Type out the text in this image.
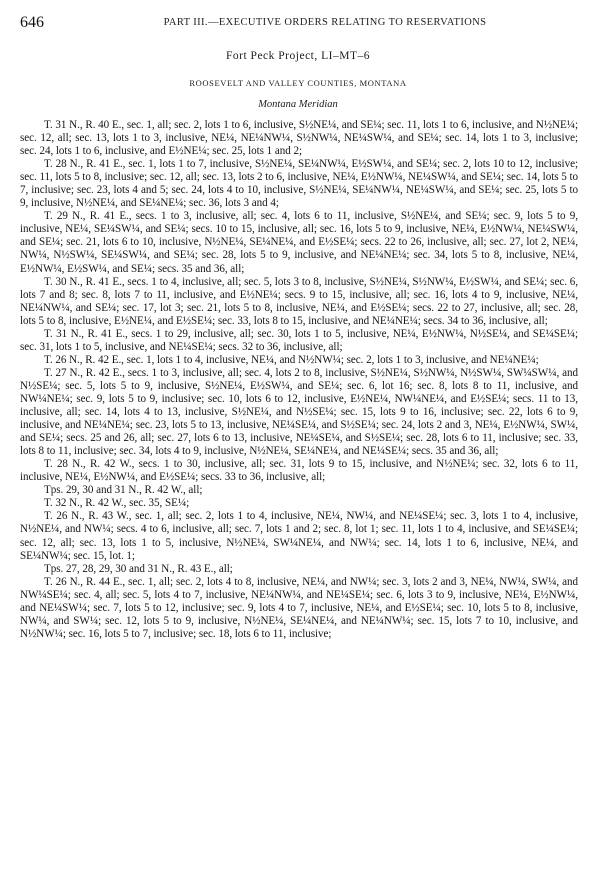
646	PART III.—EXECUTIVE ORDERS RELATING TO RESERVATIONS
Fort Peck Project, LI–MT–6
ROOSEVELT AND VALLEY COUNTIES, MONTANA
Montana Meridian

T. 31 N., R. 40 E., sec. 1, all; sec. 2, lots 1 to 6, inclusive, S½NE¼, and SE¼; sec. 11, lots 1 to 6, inclusive, and N½NE¼; sec. 12, all; sec. 13, lots 1 to 3, inclusive, NE¼, NE¼NW¼, S½NW¼, NE¼SW¼, and SE¼; sec. 14, lots 1 to 3, inclusive; sec. 24, lots 1 to 6, inclusive, and E½NE¼; sec. 25, lots 1 and 2;

T. 28 N., R. 41 E., sec. 1, lots 1 to 7, inclusive, S½NE¼, SE¼NW¼, E½SW¼, and SE¼; sec. 2, lots 10 to 12, inclusive; sec. 11, lots 5 to 8, inclusive; sec. 12, all; sec. 13, lots 2 to 6, inclusive, NE¼, E½NW¼, NE¼SW¼, and SE¼; sec. 14, lots 5 to 7, inclusive; sec. 23, lots 4 and 5; sec. 24, lots 4 to 10, inclusive, S½NE¼, SE¼NW¼, NE¼SW¼, and SE¼; sec. 25, lots 5 to 9, inclusive, N½NE¼, and SE¼NE¼; sec. 36, lots 3 and 4;

T. 29 N., R. 41 E., secs. 1 to 3, inclusive, all; sec. 4, lots 6 to 11, inclusive, S½NE¼, and SE¼; sec. 9, lots 5 to 9, inclusive, NE¼, SE¼SW¼, and SE¼; secs. 10 to 15, inclusive, all; sec. 16, lots 5 to 9, inclusive, NE¼, E½NW¼, NE¼SW¼, and SE¼; sec. 21, lots 6 to 10, inclusive, N½NE¼, SE¼NE¼, and E½SE¼; secs. 22 to 26, inclusive, all; sec. 27, lot 2, NE¼, NW¼, N½SW¼, SE¼SW¼, and SE¼; sec. 28, lots 5 to 9, inclusive, and NE¼NE¼; sec. 34, lots 5 to 8, inclusive, NE¼, E½NW¼, E½SW¼, and SE¼; secs. 35 and 36, all;

T. 30 N., R. 41 E., secs. 1 to 4, inclusive, all; sec. 5, lots 3 to 8, inclusive, S½NE¼, S½NW¼, E½SW¼, and SE¼; sec. 6, lots 7 and 8; sec. 8, lots 7 to 11, inclusive, and E½NE¼; secs. 9 to 15, inclusive, all; sec. 16, lots 4 to 9, inclusive, NE¼, NE¼NW¼, and SE¼; sec. 17, lot 3; sec. 21, lots 5 to 8, inclusive, NE¼, and E½SE¼; secs. 22 to 27, inclusive, all; sec. 28, lots 5 to 8, inclusive, E½NE¼, and E½SE¼; sec. 33, lots 8 to 15, inclusive, and NE¼NE¼; secs. 34 to 36, inclusive, all;

T. 31 N., R. 41 E., secs. 1 to 29, inclusive, all; sec. 30, lots 1 to 5, inclusive, NE¼, E½NW¼, N½SE¼, and SE¼SE¼; sec. 31, lots 1 to 5, inclusive, and NE¼SE¼; secs. 32 to 36, inclusive, all;

T. 26 N., R. 42 E., sec. 1, lots 1 to 4, inclusive, NE¼, and N½NW¼; sec. 2, lots 1 to 3, inclusive, and NE¼NE¼;

T. 27 N., R. 42 E., secs. 1 to 3, inclusive, all; sec. 4, lots 2 to 8, inclusive, S½NE¼, S½NW¼, N½SW¼, SW¼SW¼, and N½SE¼; sec. 5, lots 5 to 9, inclusive, S½NE¼, E½SW¼, and SE¼; sec. 6, lot 16; sec. 8, lots 8 to 11, inclusive, and NW¼NE¼; sec. 9, lots 5 to 9, inclusive; sec. 10, lots 6 to 12, inclusive, E½NE¼, NW¼NE¼, and E½SE¼; secs. 11 to 13, inclusive, all; sec. 14, lots 4 to 13, inclusive, S½NE¼, and N½SE¼; sec. 15, lots 9 to 16, inclusive; sec. 22, lots 6 to 9, inclusive, and NE¼NE¼; sec. 23, lots 5 to 13, inclusive, NE¼SE¼, and S½SE¼; sec. 24, lots 2 and 3, NE¼, E½NW¼, SW¼, and SE¼; secs. 25 and 26, all; sec. 27, lots 6 to 13, inclusive, NE¼SE¼, and S½SE¼; sec. 28, lots 6 to 11, inclusive; sec. 33, lots 8 to 11, inclusive; sec. 34, lots 4 to 9, inclusive, N½NE¼, SE¼NE¼, and NE¼SE¼; secs. 35 and 36, all;

T. 28 N., R. 42 W., secs. 1 to 30, inclusive, all; sec. 31, lots 9 to 15, inclusive, and N½NE¼; sec. 32, lots 6 to 11, inclusive, NE¼, E½NW¼, and E½SE¼; secs. 33 to 36, inclusive, all;

Tps. 29, 30 and 31 N., R. 42 W., all;

T. 32 N., R. 42 W., sec. 35, SE¼;

T. 26 N., R. 43 W., sec. 1, all; sec. 2, lots 1 to 4, inclusive, NE¼, NW¼, and NE¼SE¼; sec. 3, lots 1 to 4, inclusive, N½NE¼, and NW¼; secs. 4 to 6, inclusive, all; sec. 7, lots 1 and 2; sec. 8, lot 1; sec. 11, lots 1 to 4, inclusive, and SE¼SE¼; sec. 12, all; sec. 13, lots 1 to 5, inclusive, N½NE¼, SW¼NE¼, and NW¼; sec. 14, lots 1 to 6, inclusive, NE¼, and SE¼NW¼; sec. 15, lot. 1;

Tps. 27, 28, 29, 30 and 31 N., R. 43 E., all;

T. 26 N., R. 44 E., sec. 1, all; sec. 2, lots 4 to 8, inclusive, NE¼, and NW¼; sec. 3, lots 2 and 3, NE¼, NW¼, SW¼, and NW¼SE¼; sec. 4, all; sec. 5, lots 4 to 7, inclusive, NE¼NW¼, and NE¼SE¼; sec. 6, lots 3 to 9, inclusive, NE¼, E½NW¼, and NE¼SW¼; sec. 7, lots 5 to 12, inclusive; sec. 9, lots 4 to 7, inclusive, NE¼, and E½SE¼; sec. 10, lots 5 to 8, inclusive, NW¼, and SW¼; sec. 12, lots 5 to 9, inclusive, N½NE¼, SE¼NE¼, and NE¼NW¼; sec. 15, lots 7 to 10, inclusive, and N½NW¼; sec. 16, lots 5 to 7, inclusive; sec. 18, lots 6 to 11, inclusive;
